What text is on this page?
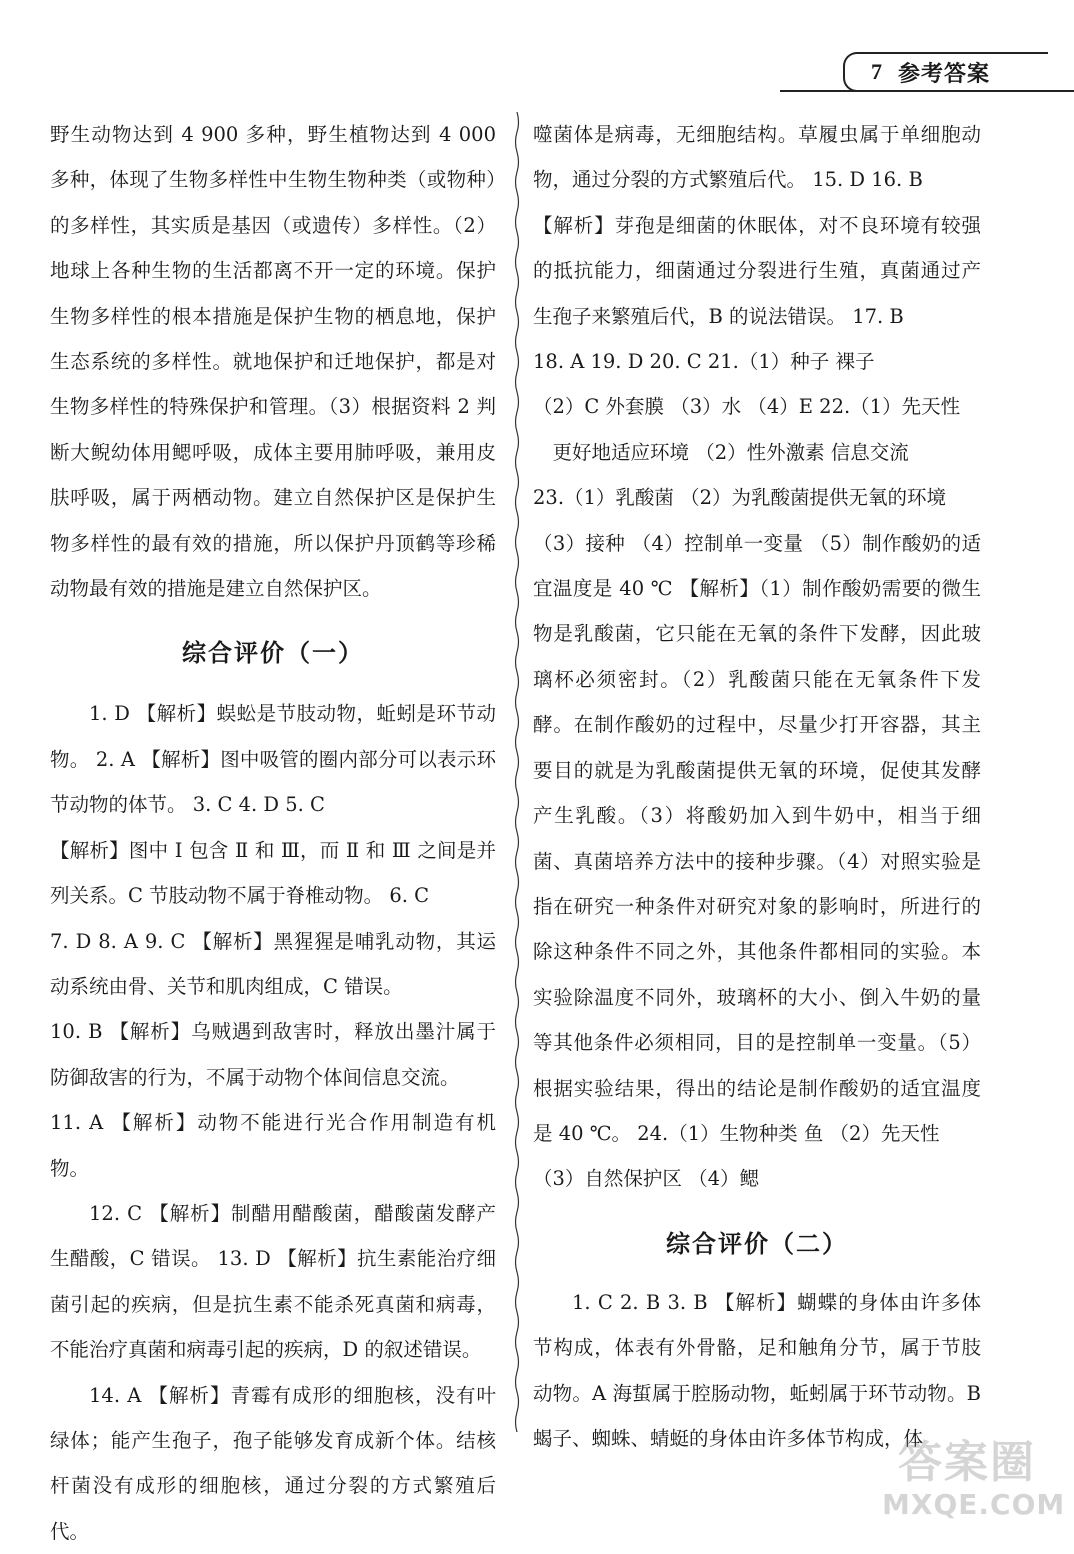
7 参考答案

野生动物达到 4 900 多种，野生植物达到 4 000 多种，体现了生物多样性中生物生物种类（或物种）的多样性，其实质是基因（或遗传）多样性。（2）地球上各种生物的生活都离不开一定的环境。保护生物多样性的根本措施是保护生物的栖息地，保护生态系统的多样性。就地保护和迁地保护，都是对生物多样性的特殊保护和管理。（3）根据资料 2 判断大鲵幼体用鳃呼吸，成体主要用肺呼吸，兼用皮肤呼吸，属于两栖动物。建立自然保护区是保护生物多样性的最有效的措施，所以保护丹顶鹤等珍稀动物最有效的措施是建立自然保护区。

综合评价（一）

1. D 【解析】蜈蚣是节肢动物，蚯蚓是环节动物。 2. A 【解析】图中吸管的圈内部分可以表示环节动物的体节。 3. C 4. D 5. C

【解析】图中 Ⅰ 包含 Ⅱ 和 Ⅲ，而 Ⅱ 和 Ⅲ 之间是并列关系。C 节肢动物不属于脊椎动物。 6. C

7. D 8. A 9. C 【解析】黑猩猩是哺乳动物，其运动系统由骨、关节和肌肉组成，C 错误。

10. B 【解析】乌贼遇到敌害时，释放出墨汁属于防御敌害的行为，不属于动物个体间信息交流。

11. A 【解析】动物不能进行光合作用制造有机物。

12. C 【解析】制醋用醋酸菌，醋酸菌发酵产生醋酸，C 错误。 13. D 【解析】抗生素能治疗细菌引起的疾病，但是抗生素不能杀死真菌和病毒，不能治疗真菌和病毒引起的疾病，D 的叙述错误。

14. A 【解析】青霉有成形的细胞核，没有叶绿体；能产生孢子，孢子能够发育成新个体。结核杆菌没有成形的细胞核，通过分裂的方式繁殖后代。

噬菌体是病毒，无细胞结构。草履虫属于单细胞动物，通过分裂的方式繁殖后代。 15. D 16. B

【解析】芽孢是细菌的休眠体，对不良环境有较强的抵抗能力，细菌通过分裂进行生殖，真菌通过产生孢子来繁殖后代，B 的说法错误。 17. B

18. A 19. D 20. C 21.（1）种子 裸子

（2）C 外套膜 （3）水 （4）E 22.（1）先天性

更好地适应环境 （2）性外激素 信息交流

23.（1）乳酸菌 （2）为乳酸菌提供无氧的环境

（3）接种 （4）控制单一变量 （5）制作酸奶的适宜温度是 40 ℃ 【解析】（1）制作酸奶需要的微生物是乳酸菌，它只能在无氧的条件下发酵，因此玻璃杯必须密封。（2）乳酸菌只能在无氧条件下发酵。在制作酸奶的过程中，尽量少打开容器，其主要目的就是为乳酸菌提供无氧的环境，促使其发酵产生乳酸。（3）将酸奶加入到牛奶中，相当于细菌、真菌培养方法中的接种步骤。（4）对照实验是指在研究一种条件对研究对象的影响时，所进行的除这种条件不同之外，其他条件都相同的实验。本实验除温度不同外，玻璃杯的大小、倒入牛奶的量等其他条件必须相同，目的是控制单一变量。（5）根据实验结果，得出的结论是制作酸奶的适宜温度是 40 ℃。 24.（1）生物种类 鱼 （2）先天性

（3）自然保护区 （4）鳃

综合评价（二）

1. C 2. B 3. B 【解析】蝴蝶的身体由许多体节构成，体表有外骨骼，足和触角分节，属于节肢动物。A 海蜇属于腔肠动物，蚯蚓属于环节动物。B 蝎子、蜘蛛、蜻蜓的身体由许多体节构成，体

答案圈
MXQE.COM
